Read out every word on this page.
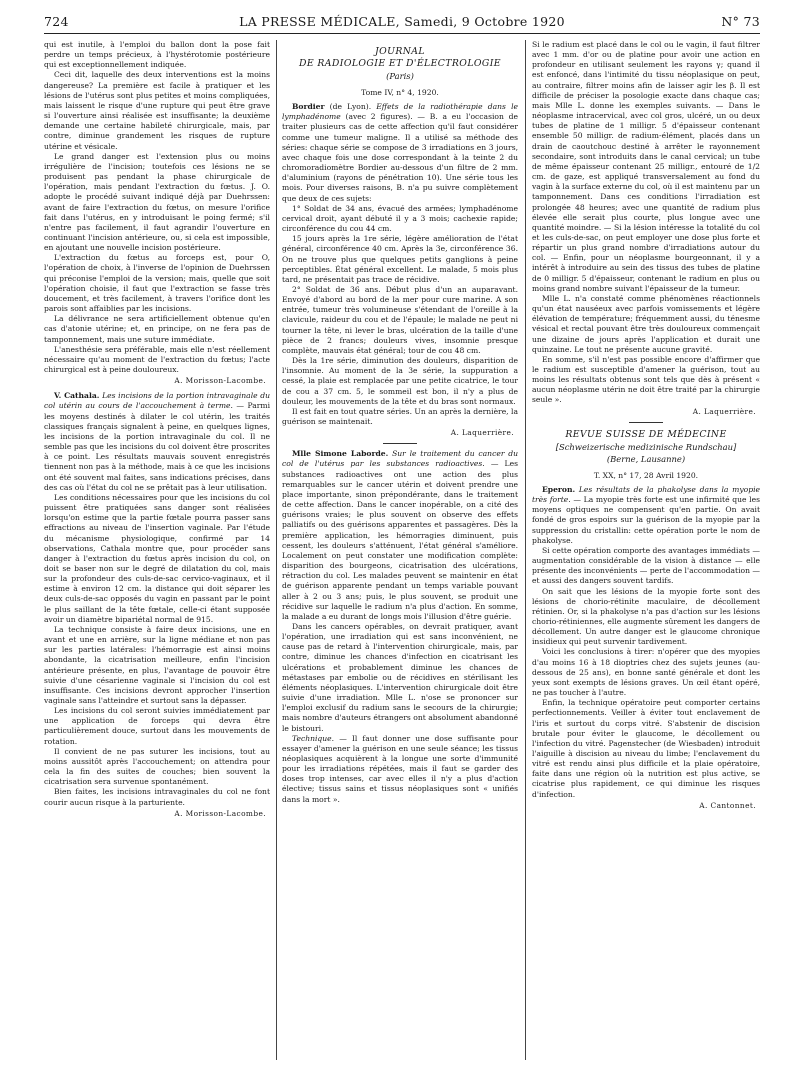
724	LA PRESSE MÉDICALE, Samedi, 9 Octobre 1920	N° 73

qui est inutile, à l'emploi du ballon dont la pose fait perdre un temps précieux, à l'hystérotomie postérieure qui est exceptionnellement indiquée.

Ceci dit, laquelle des deux interventions est la moins dangereuse? La première est facile à pratiquer et les lésions de l'utérus sont plus petites et moins compliquées, mais laissent le risque d'une rupture qui peut être grave si l'ouverture ainsi réalisée est insuffisante; la deuxième demande une certaine habileté chirurgicale, mais, par contre, diminue grandement les risques de rupture utérine et vésicale.

Le grand danger est l'extension plus ou moins irrégulière de l'incision; toutefois ces lésions ne se produisent pas pendant la phase chirurgicale de l'opération, mais pendant l'extraction du fœtus. J. O. adopte le procédé suivant indiqué déjà par Duehrssen: avant de faire l'extraction du fœtus, on mesure l'orifice fait dans l'utérus, en y introduisant le poing fermé; s'il n'entre pas facilement, il faut agrandir l'ouverture en continuant l'incision antérieure, ou, si cela est impossible, en ajoutant une nouvelle incision postérieure.

L'extraction du fœtus au forceps est, pour O, l'opération de choix, à l'inverse de l'opinion de Duehrssen qui préconise l'emploi de la version; mais, quelle que soit l'opération choisie, il faut que l'extraction se fasse très doucement, et très facilement, à travers l'orifice dont les parois sont affaiblies par les incisions.

La délivrance ne sera artificiellement obtenue qu'en cas d'atonie utérine; et, en principe, on ne fera pas de tamponnement, mais une suture immédiate.

L'anesthésie sera préférable, mais elle n'est réellement nécessaire qu'au moment de l'extraction du fœtus; l'acte chirurgical est à peine douloureux.

A. Morisson-Lacombe.

V. Cathala. Les incisions de la portion intravaginale du col utérin au cours de l'accouchement à terme. — Parmi les moyens destinés à dilater le col utérin, les traités classiques français signalent à peine, en quelques lignes, les incisions de la portion intravaginale du col. Il ne semble pas que les incisions du col doivent être proscrites à ce point. Les résultats mauvais souvent enregistrés tiennent non pas à la méthode, mais à ce que les incisions ont été souvent mal faites, sans indications précises, dans des cas où l'état du col ne se prêtait pas à leur utilisation.

Les conditions nécessaires pour que les incisions du col puissent être pratiquées sans danger sont réalisées lorsqu'on estime que la partie fœtale pourra passer sans effractions au niveau de l'insertion vaginale. Par l'étude du mécanisme physiologique, confirmé par 14 observations, Cathala montre que, pour procéder sans danger à l'extraction du fœtus après incision du col, on doit se baser non sur le degré de dilatation du col, mais sur la profondeur des culs-de-sac cervico-vaginaux, et il estime à environ 12 cm. la distance qui doit séparer les deux culs-de-sac opposés du vagin en passant par le point le plus saillant de la tête fœtale, celle-ci étant supposée avoir un diamètre bipariétal normal de 915.

La technique consiste à faire deux incisions, une en avant et une en arrière, sur la ligne médiane et non pas sur les parties latérales: l'hémorragie est ainsi moins abondante, la cicatrisation meilleure, enfin l'incision antérieure présente, en plus, l'avantage de pouvoir être suivie d'une césarienne vaginale si l'incision du col est insuffisante. Ces incisions devront approcher l'insertion vaginale sans l'atteindre et surtout sans la dépasser.

Les incisions du col seront suivies immédiatement par une application de forceps qui devra être particulièrement douce, surtout dans les mouvements de rotation.

Il convient de ne pas suturer les incisions, tout au moins aussitôt après l'accouchement; on attendra pour cela la fin des suites de couches; bien souvent la cicatrisation sera survenue spontanément.

Bien faites, les incisions intravaginales du col ne font courir aucun risque à la parturiente.

A. Morisson-Lacombe.
JOURNAL
DE RADIOLOGIE ET D'ÉLECTROLOGIE
(Paris)
Tome IV, n° 4, 1920.

Bordier (de Lyon). Effets de la radiothérapie dans le lymphadénome (avec 2 figures). — B. a eu l'occasion de traiter plusieurs cas de cette affection qu'il faut considérer comme une tumeur maligne. Il a utilisé sa méthode des séries: chaque série se compose de 3 irradiations en 3 jours, avec chaque fois une dose correspondant à la teinte 2 du chromoradiomètre Bordier au-dessous d'un filtre de 2 mm. d'aluminium (rayons de pénétration 10). Une série tous les mois. Pour diverses raisons, B. n'a pu suivre complètement que deux de ces sujets:

1° Soldat de 34 ans, évacué des armées; lymphadénome cervical droit, ayant débuté il y a 3 mois; cachexie rapide; circonférence du cou 44 cm.

15 jours après la 1re série, légère amélioration de l'état général, circonférence 40 cm. Après la 3e, circonférence 36. On ne trouve plus que quelques petits ganglions à peine perceptibles. État général excellent. Le malade, 5 mois plus tard, ne présentait pas trace de récidive.

2° Soldat de 36 ans. Début plus d'un an auparavant. Envoyé d'abord au bord de la mer pour cure marine. A son entrée, tumeur très volumineuse s'étendant de l'oreille à la clavicule, raideur du cou et de l'épaule; le malade ne peut ni tourner la tête, ni lever le bras, ulcération de la taille d'une pièce de 2 francs; douleurs vives, insomnie presque complète, mauvais état général; tour de cou 48 cm.

Dès la 1re série, diminution des douleurs, disparition de l'insomnie. Au moment de la 3e série, la suppuration a cessé, la plaie est remplacée par une petite cicatrice, le tour de cou a 37 cm. 5, le sommeil est bon, il n'y a plus de douleur, les mouvements de la tête et du bras sont normaux.

Il est fait en tout quatre séries. Un an après la dernière, la guérison se maintenait.

A. Laquerrière.

Mlle Simone Laborde. Sur le traitement du cancer du col de l'utérus par les substances radioactives. — Les substances radioactives ont une action des plus remarquables sur le cancer utérin et doivent prendre une place importante, sinon prépondérante, dans le traitement de cette affection. Dans le cancer inopérable, on a cité des guérisons vraies; le plus souvent on observe des effets palliatifs ou des guérisons apparentes et passagères. Dès la première application, les hémorragies diminuent, puis cessent, les douleurs s'atténuent, l'état général s'améliore. Localement on peut constater une modification complète: disparition des bourgeons, cicatrisation des ulcérations, rétraction du col. Les malades peuvent se maintenir en état de guérison apparente pendant un temps variable pouvant aller à 2 ou 3 ans; puis, le plus souvent, se produit une récidive sur laquelle le radium n'a plus d'action. En somme, la malade a eu durant de longs mois l'illusion d'être guérie.

Dans les cancers opérables, on devrait pratiquer, avant l'opération, une irradiation qui est sans inconvénient, ne cause pas de retard à l'intervention chirurgicale, mais, par contre, diminue les chances d'infection en cicatrisant les ulcérations et probablement diminue les chances de métastases par embolie ou de récidives en stérilisant les éléments néoplasiques. L'intervention chirurgicale doit être suivie d'une irradiation. Mlle L. n'ose se prononcer sur l'emploi exclusif du radium sans le secours de la chirurgie; mais nombre d'auteurs étrangers ont absolument abandonné le bistouri.

Technique. — Il faut donner une dose suffisante pour essayer d'amener la guérison en une seule séance; les tissus néoplasiques acquièrent à la longue une sorte d'immunité pour les irradiations répétées, mais il faut se garder des doses trop intenses, car avec elles il n'y a plus d'action élective; tissus sains et tissus néoplasiques sont « unifiés dans la mort ».

Si le radium est placé dans le col ou le vagin, il faut filtrer avec 1 mm. d'or ou de platine pour avoir une action en profondeur en utilisant seulement les rayons γ; quand il est enfoncé, dans l'intimité du tissu néoplasique on peut, au contraire, filtrer moins afin de laisser agir les β. Il est difficile de préciser la posologie exacte dans chaque cas; mais Mlle L. donne les exemples suivants. — Dans le néoplasme intracervical, avec col gros, ulcéré, un ou deux tubes de platine de 1 milligr. 5 d'épaisseur contenant ensemble 50 milligr. de radium-élément, placés dans un drain de caoutchouc destiné à arrêter le rayonnement secondaire, sont introduits dans le canal cervical; un tube de même épaisseur contenant 25 milligr., entouré de 1/2 cm. de gaze, est appliqué transversalement au fond du vagin à la surface externe du col, où il est maintenu par un tamponnement. Dans ces conditions l'irradiation est prolongée 48 heures; avec une quantité de radium plus élevée elle serait plus courte, plus longue avec une quantité moindre. — Si la lésion intéresse la totalité du col et les culs-de-sac, on peut employer une dose plus forte et répartir un plus grand nombre d'irradiations autour du col. — Enfin, pour un néoplasme bourgeonnant, il y a intérêt à introduire au sein des tissus des tubes de platine de 0 milligr. 5 d'épaisseur, contenant le radium en plus ou moins grand nombre suivant l'épaisseur de la tumeur.

Mlle L. n'a constaté comme phénomènes réactionnels qu'un état nauséeux avec parfois vomissements et légère élévation de température; fréquemment aussi, du ténesme vésical et rectal pouvant être très douloureux commençait une dizaine de jours après l'application et durait une quinzaine. Le tout ne présente aucune gravité.

En somme, s'il n'est pas possible encore d'affirmer que le radium est susceptible d'amener la guérison, tout au moins les résultats obtenus sont tels que dès à présent « aucun néoplasme utérin ne doit être traité par la chirurgie seule ».

A. Laquerrière.
REVUE SUISSE DE MÉDECINE
[Schweizerische medizinische Rundschau]
(Berne, Lausanne)
T. XX, n° 17, 28 Avril 1920.

Eperon. Les résultats de la phakolyse dans la myopie très forte. — La myopie très forte est une infirmité que les moyens optiques ne compensent qu'en partie. On avait fondé de gros espoirs sur la guérison de la myopie par la suppression du cristallin: cette opération porte le nom de phakolyse.

Si cette opération comporte des avantages immédiats — augmentation considérable de la vision à distance — elle présente des inconvénients — perte de l'accommodation — et aussi des dangers souvent tardifs.

On sait que les lésions de la myopie forte sont des lésions de chorio-rétinite maculaire, de décollement rétinien. Or, si la phakolyse n'a pas d'action sur les lésions chorio-rétiniennes, elle augmente sûrement les dangers de décollement. Un autre danger est le glaucome chronique insidieux qui peut survenir tardivement.

Voici les conclusions à tirer: n'opérer que des myopies d'au moins 16 à 18 dioptries chez des sujets jeunes (au-dessous de 25 ans), en bonne santé générale et dont les yeux sont exempts de lésions graves. Un œil étant opéré, ne pas toucher à l'autre.

Enfin, la technique opératoire peut comporter certains perfectionnements. Veiller à éviter tout enclavement de l'iris et surtout du corps vitré. S'abstenir de discision brutale pour éviter le glaucome, le décollement ou l'infection du vitré. Pagenstecher (de Wiesbaden) introduit l'aiguille à discision au niveau du limbe; l'enclavement du vitré est rendu ainsi plus difficile et la plaie opératoire, faite dans une région où la nutrition est plus active, se cicatrise plus rapidement, ce qui diminue les risques d'infection.

A. Cantonnet.
